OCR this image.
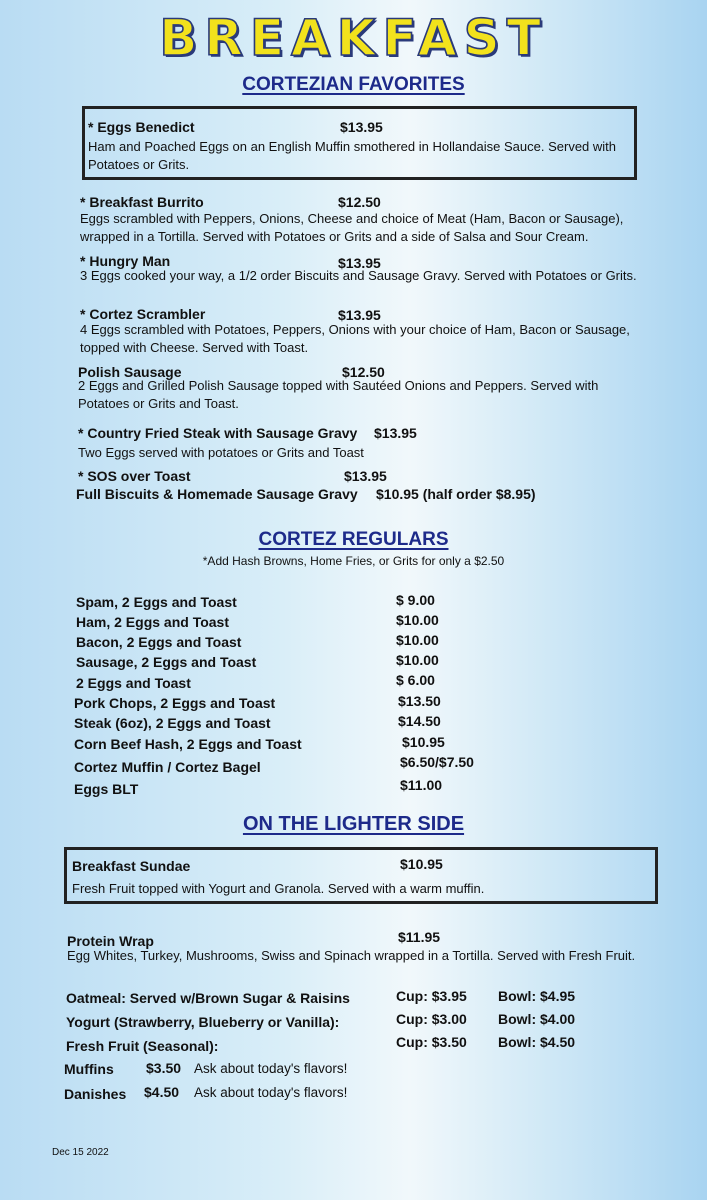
BREAKFAST
CORTEZIAN FAVORITES
* Eggs Benedict	$13.95
Ham and Poached Eggs on an English Muffin smothered in Hollandaise Sauce. Served with Potatoes or Grits.
* Breakfast Burrito	$12.50
Eggs scrambled with Peppers, Onions, Cheese and choice of Meat (Ham, Bacon or Sausage), wrapped in a Tortilla. Served with Potatoes or Grits and a side of Salsa and Sour Cream.
* Hungry Man	$13.95
3 Eggs cooked your way, a 1/2 order Biscuits and Sausage Gravy. Served with Potatoes or Grits.
* Cortez Scrambler	$13.95
4 Eggs scrambled with Potatoes, Peppers, Onions with your choice of Ham, Bacon or Sausage, topped with Cheese. Served with Toast.
Polish Sausage	$12.50
2 Eggs and Grilled Polish Sausage topped with Sautéed Onions and Peppers. Served with Potatoes or Grits and Toast.
* Country Fried Steak with Sausage Gravy $13.95
Two Eggs served with potatoes or Grits and Toast
* SOS over Toast	$13.95
Full Biscuits & Homemade Sausage Gravy $10.95 (half order $8.95)
CORTEZ REGULARS
*Add Hash Browns, Home Fries, or Grits for only a $2.50
Spam, 2 Eggs and Toast	$ 9.00
Ham, 2 Eggs and Toast	$10.00
Bacon, 2 Eggs and Toast	$10.00
Sausage, 2 Eggs and Toast	$10.00
2 Eggs and Toast	$ 6.00
Pork Chops, 2 Eggs and Toast	$13.50
Steak (6oz), 2 Eggs and Toast	$14.50
Corn Beef Hash, 2 Eggs and Toast	$10.95
Cortez Muffin / Cortez Bagel	$6.50/$7.50
Eggs BLT	$11.00
ON THE LIGHTER SIDE
Breakfast Sundae	$10.95
Fresh Fruit topped with Yogurt and Granola. Served with a warm muffin.
Protein Wrap	$11.95
Egg Whites, Turkey, Mushrooms, Swiss and Spinach wrapped in a Tortilla. Served with Fresh Fruit.
Oatmeal: Served w/Brown Sugar & Raisins	Cup: $3.95 Bowl: $4.95
Yogurt (Strawberry, Blueberry or Vanilla):	Cup: $3.00 Bowl: $4.00
Fresh Fruit (Seasonal):	Cup: $3.50 Bowl: $4.50
Muffins $3.50 Ask about today's flavors!
Danishes $4.50 Ask about today's flavors!
Dec 15 2022
